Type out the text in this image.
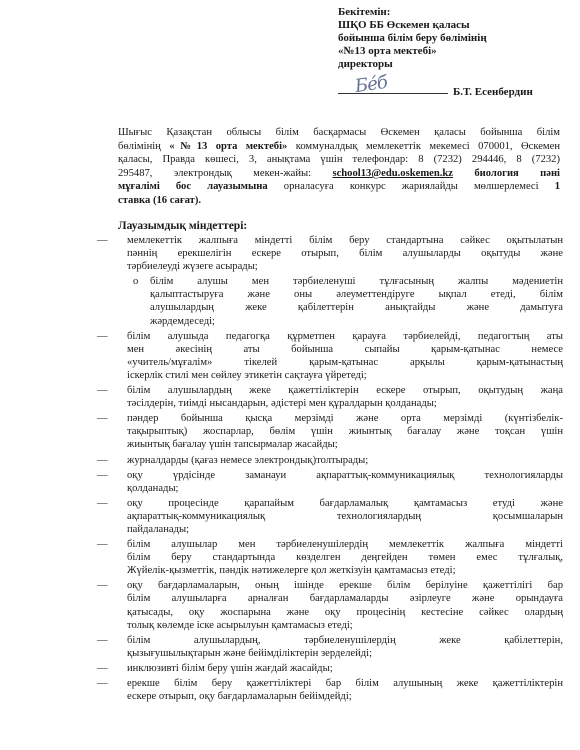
Бекітемін:
ШҚО ББ Өскемен қаласы
бойынша білім беру бөлімінің
«№13 орта мектебі»
директоры
Бе́б	Б.Т. Есенбердин
Шығыс Қазақстан облысы білім басқармасы Өскемен қаласы бойынша білім
бөлімінің «№13 орта мектебі» коммуналдық мемлекеттік мекемесі 070001, Өскемен
қаласы, Правда көшесі, 3, анықтама үшін телефондар: 8 (7232) 294446, 8 (7232)
295487, электрондық мекен-жайы: school13@edu.oskemen.kz биология пәні
мұғалімі бос лауазымына орналасуға конкурс жариялайды мөлшерлемесі 1
ставка (16 сағат).
Лауазымдық міндеттері:
— мемлекеттік жалпыға міндетті білім беру стандартына сәйкес оқытылатын
пәннің ерекшелігін ескере отырып, білім алушыларды оқытуды және
тәрбиелеуді жүзеге асырады;
o білім алушы мен тәрбиеленуші тұлғасының жалпы мәдениетін
қалыптастыруға және оны әлеуметтендіруге ықпал етеді, білім
алушылардың жеке қабілеттерін анықтайды және дамытуға
жәрдемдеседі;
— білім алушыда педагогқа құрметпен қарауға тәрбиелейді, педагогтың аты
мен әкесінің аты бойынша сыпайы қарым-қатынас немесе
«учитель/мұғалім» тікелей қарым-қатынас арқылы қарым-қатынастың
іскерлік стилі мен сөйлеу этикетін сақтауға үйретеді;
— білім алушылардың жеке қажеттіліктерін ескере отырып, оқытудың жаңа
тәсілдерін, тиімді нысандарын, әдістері мен құралдарын қолданады;
— пәндер бойынша қысқа мерзімді және орта мерзімді (күнтізбелік-
тақырыптық) жоспарлар, бөлім үшін жиынтық бағалау және тоқсан үшін
жиынтық бағалау үшін тапсырмалар жасайды;
— журналдарды (қағаз немесе электрондық)толтырады;
— оқу үрдісінде заманауи ақпараттық-коммуникациялық технологияларды
қолданады;
— оқу процесінде қарапайым бағдарламалық қамтамасыз етуді және
ақпараттық-коммуникациялық технологиялардың қосымшаларын
пайдаланады;
— білім алушылар мен тәрбиеленушілердің мемлекеттік жалпыға міндетті
білім беру стандартында көзделген деңгейден төмен емес тұлғалық,
Жүйелік-қызметтік, пәндік нәтижелерге қол жеткізуін қамтамасыз етеді;
— оқу бағдарламаларын, оның ішінде ерекше білім берілуіне қажеттілігі бар
білім алушыларға арналған бағдарламаларды әзірлеуге және орындауға
қатысады, оқу жоспарына және оқу процесінің кестесіне сәйкес олардың
толық көлемде іске асырылуын қамтамасыз етеді;
— білім алушылардың, тәрбиеленушілердің жеке қабілеттерін,
қызығушылықтарын және бейімділіктерін зерделейді;
— инклюзивті білім беру үшін жағдай жасайды;
— ерекше білім беру қажеттіліктері бар білім алушының жеке қажеттіліктерін
ескере отырып, оқу бағдарламаларын бейімдейді;
